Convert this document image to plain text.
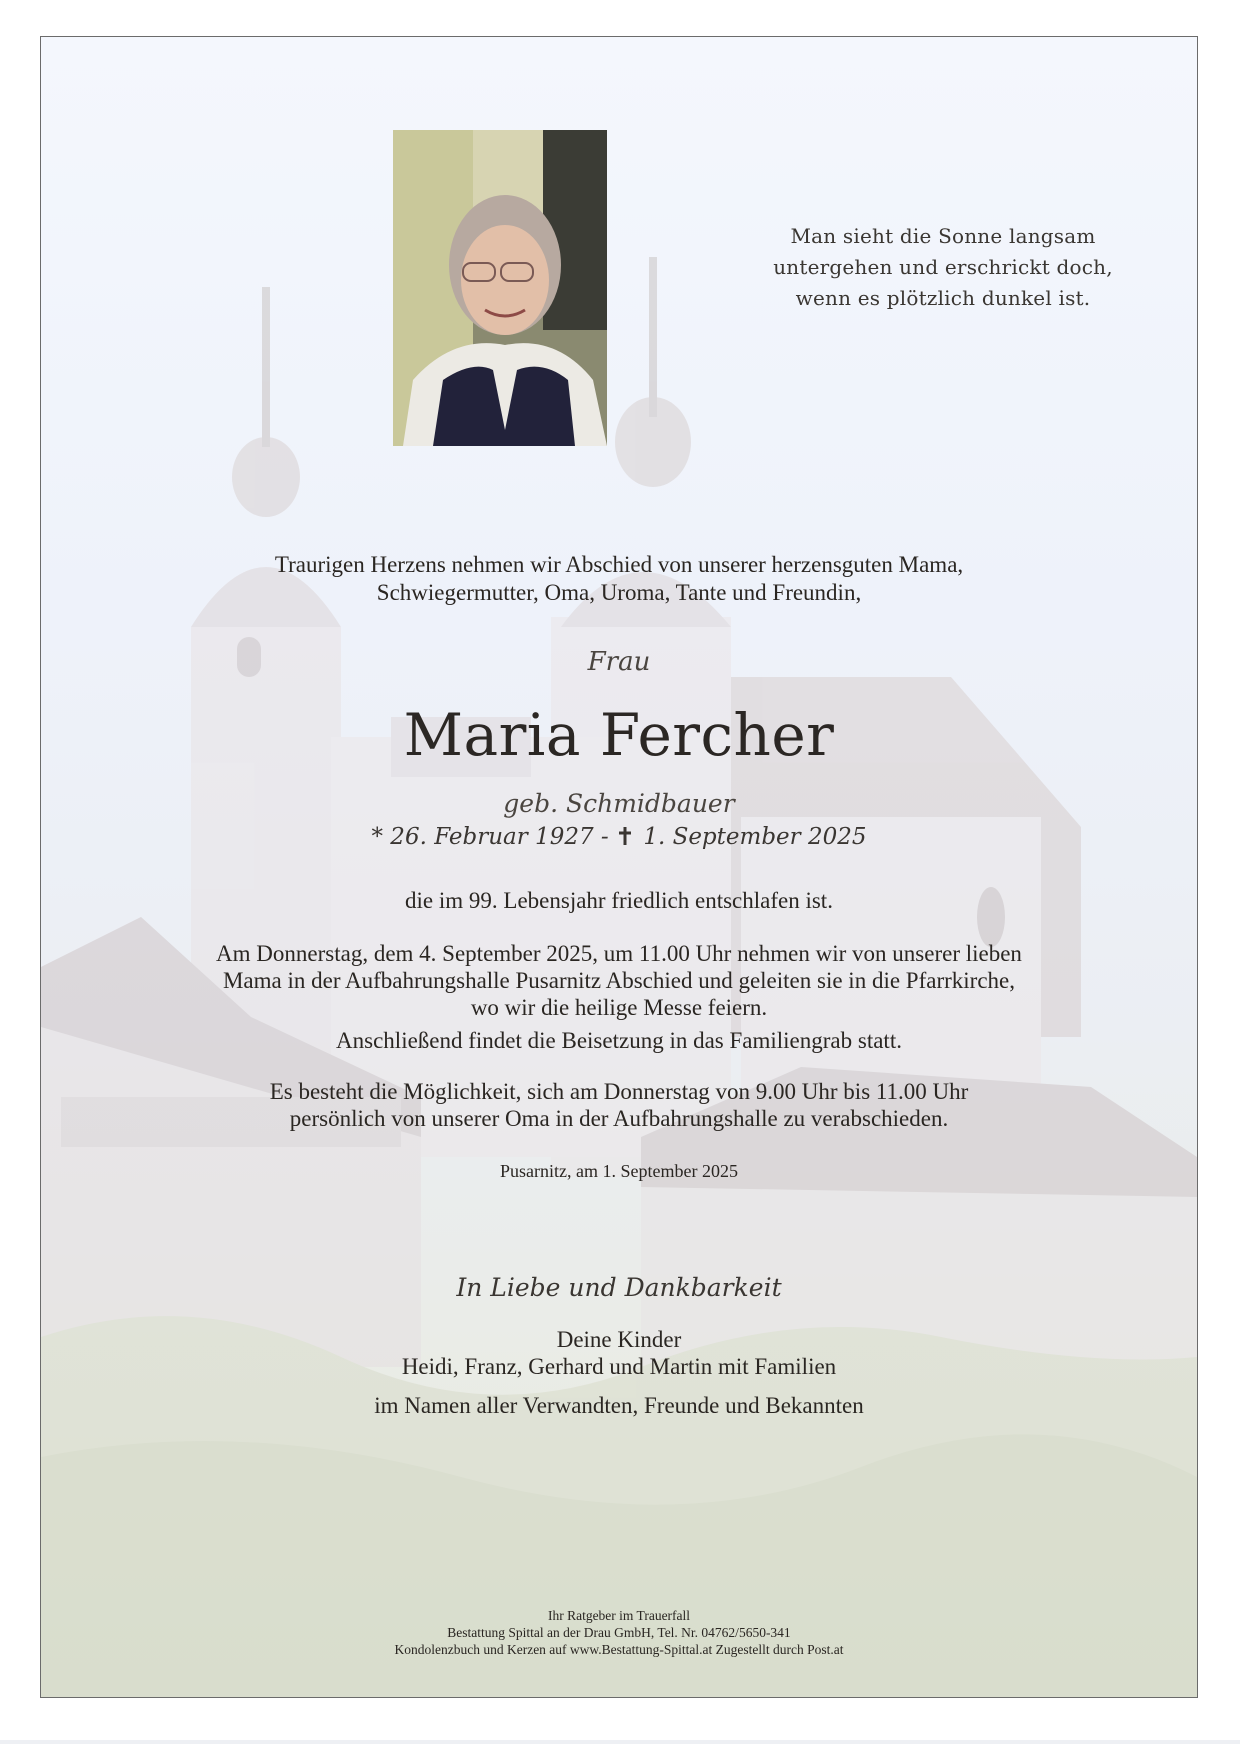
Man sieht die Sonne langsam
untergehen und erschrickt doch,
wenn es plötzlich dunkel ist.
Traurigen Herzens nehmen wir Abschied von unserer herzensguten Mama,
Schwiegermutter, Oma, Uroma, Tante und Freundin,
Frau
Maria Fercher
geb. Schmidbauer
* 26. Februar 1927 - 1. September 2025
die im 99. Lebensjahr friedlich entschlafen ist.
Am Donnerstag, dem 4. September 2025, um 11.00 Uhr nehmen wir von unserer lieben
Mama in der Aufbahrungshalle Pusarnitz Abschied und geleiten sie in die Pfarrkirche,
wo wir die heilige Messe feiern.
Anschließend findet die Beisetzung in das Familiengrab statt.
Es besteht die Möglichkeit, sich am Donnerstag von 9.00 Uhr bis 11.00 Uhr
persönlich von unserer Oma in der Aufbahrungshalle zu verabschieden.
Pusarnitz, am 1. September 2025
In Liebe und Dankbarkeit
Deine Kinder
Heidi, Franz, Gerhard und Martin mit Familien
im Namen aller Verwandten, Freunde und Bekannten
Ihr Ratgeber im Trauerfall
Bestattung Spittal an der Drau GmbH, Tel. Nr. 04762/5650-341
Kondolenzbuch und Kerzen auf www.Bestattung-Spittal.at Zugestellt durch Post.at
